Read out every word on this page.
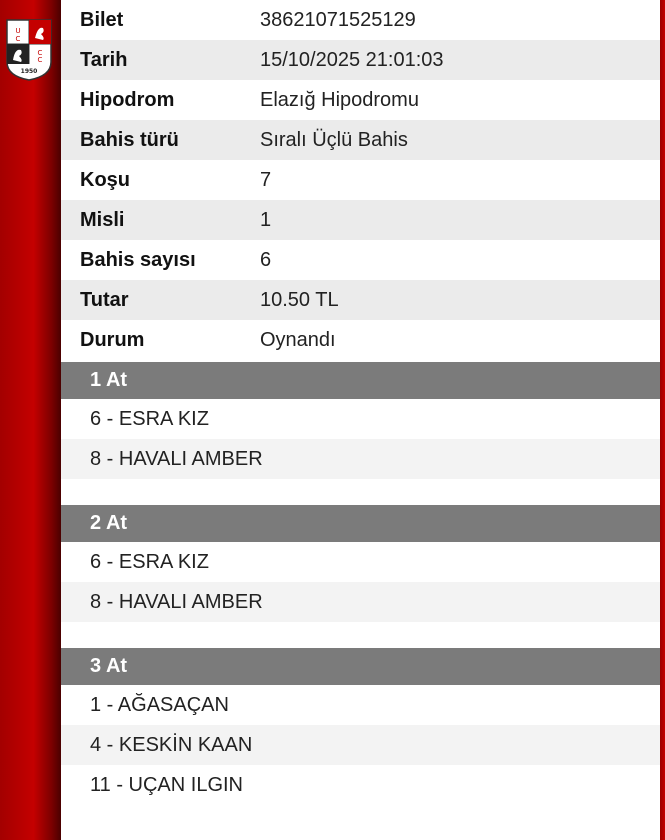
U
C
C
C
1950
Bilet	38621071525129
Tarih	15/10/2025 21:01:03
Hipodrom	Elazığ Hipodromu
Bahis türü	Sıralı Üçlü Bahis
Koşu	7
Misli	1
Bahis sayısı	6
Tutar	10.50 TL
Durum	Oynandı
1 At
6 - ESRA KIZ
8 - HAVALI AMBER
2 At
6 - ESRA KIZ
8 - HAVALI AMBER
3 At
1 - AĞASAÇAN
4 - KESKİN KAAN
11 - UÇAN ILGIN
